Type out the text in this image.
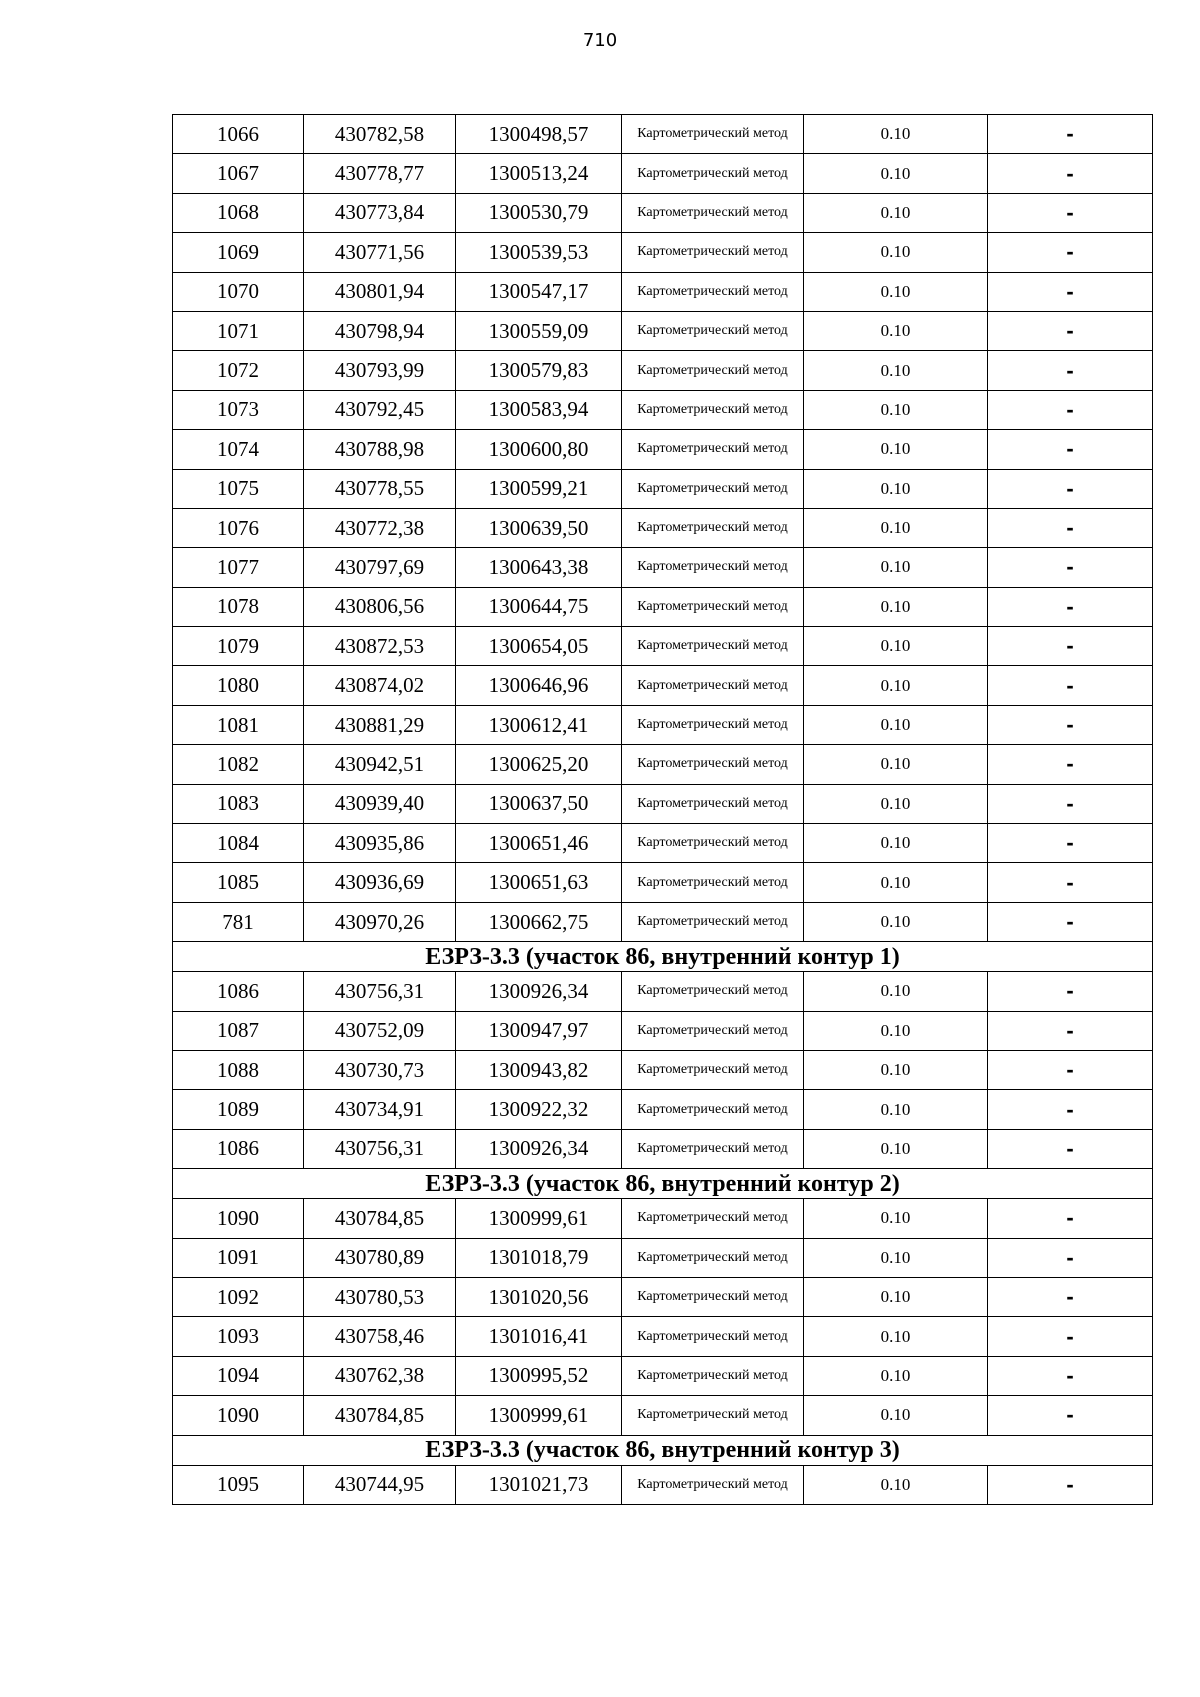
710
1066	430782,58	1300498,57	Картометрический метод	0.10	-
1067	430778,77	1300513,24	Картометрический метод	0.10	-
1068	430773,84	1300530,79	Картометрический метод	0.10	-
1069	430771,56	1300539,53	Картометрический метод	0.10	-
1070	430801,94	1300547,17	Картометрический метод	0.10	-
1071	430798,94	1300559,09	Картометрический метод	0.10	-
1072	430793,99	1300579,83	Картометрический метод	0.10	-
1073	430792,45	1300583,94	Картометрический метод	0.10	-
1074	430788,98	1300600,80	Картометрический метод	0.10	-
1075	430778,55	1300599,21	Картометрический метод	0.10	-
1076	430772,38	1300639,50	Картометрический метод	0.10	-
1077	430797,69	1300643,38	Картометрический метод	0.10	-
1078	430806,56	1300644,75	Картометрический метод	0.10	-
1079	430872,53	1300654,05	Картометрический метод	0.10	-
1080	430874,02	1300646,96	Картометрический метод	0.10	-
1081	430881,29	1300612,41	Картометрический метод	0.10	-
1082	430942,51	1300625,20	Картометрический метод	0.10	-
1083	430939,40	1300637,50	Картометрический метод	0.10	-
1084	430935,86	1300651,46	Картометрический метод	0.10	-
1085	430936,69	1300651,63	Картометрический метод	0.10	-
781	430970,26	1300662,75	Картометрический метод	0.10	-
ЕЗРЗ-3.3 (участок 86, внутренний контур 1)					
1086	430756,31	1300926,34	Картометрический метод	0.10	-
1087	430752,09	1300947,97	Картометрический метод	0.10	-
1088	430730,73	1300943,82	Картометрический метод	0.10	-
1089	430734,91	1300922,32	Картометрический метод	0.10	-
1086	430756,31	1300926,34	Картометрический метод	0.10	-
ЕЗРЗ-3.3 (участок 86, внутренний контур 2)					
1090	430784,85	1300999,61	Картометрический метод	0.10	-
1091	430780,89	1301018,79	Картометрический метод	0.10	-
1092	430780,53	1301020,56	Картометрический метод	0.10	-
1093	430758,46	1301016,41	Картометрический метод	0.10	-
1094	430762,38	1300995,52	Картометрический метод	0.10	-
1090	430784,85	1300999,61	Картометрический метод	0.10	-
ЕЗРЗ-3.3 (участок 86, внутренний контур 3)					
1095	430744,95	1301021,73	Картометрический метод	0.10	-
